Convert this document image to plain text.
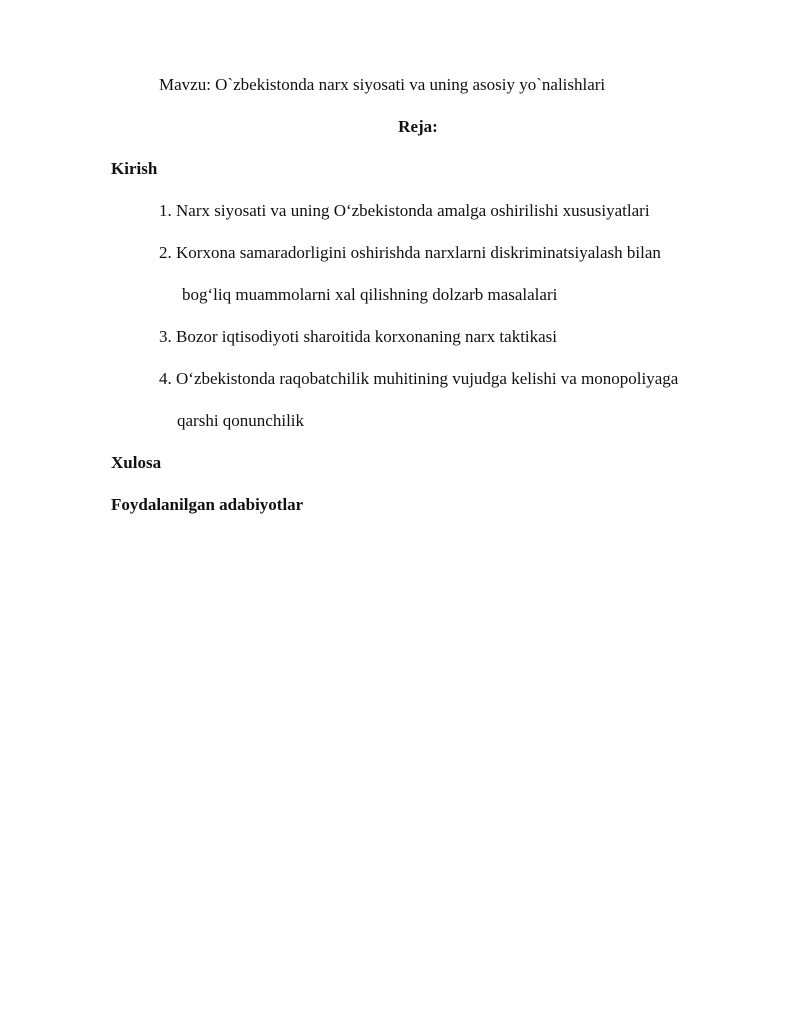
Mavzu: O`zbekistonda narx siyosati va uning asosiy yo`nalishlari
Reja:
Kirish
1. Narx siyosati va uning O‘zbekistonda amalga oshirilishi xususiyatlari
2. Korxona samaradorligini oshirishda narxlarni diskriminatsiyalash bilan
bog‘liq muammolarni xal qilishning dolzarb masalalari
3. Bozor iqtisodiyoti sharoitida korxonaning narx taktikasi
4. O‘zbekistonda raqobatchilik muhitining vujudga kelishi va monopoliyaga
qarshi qonunchilik
Xulosa
Foydalanilgan adabiyotlar
